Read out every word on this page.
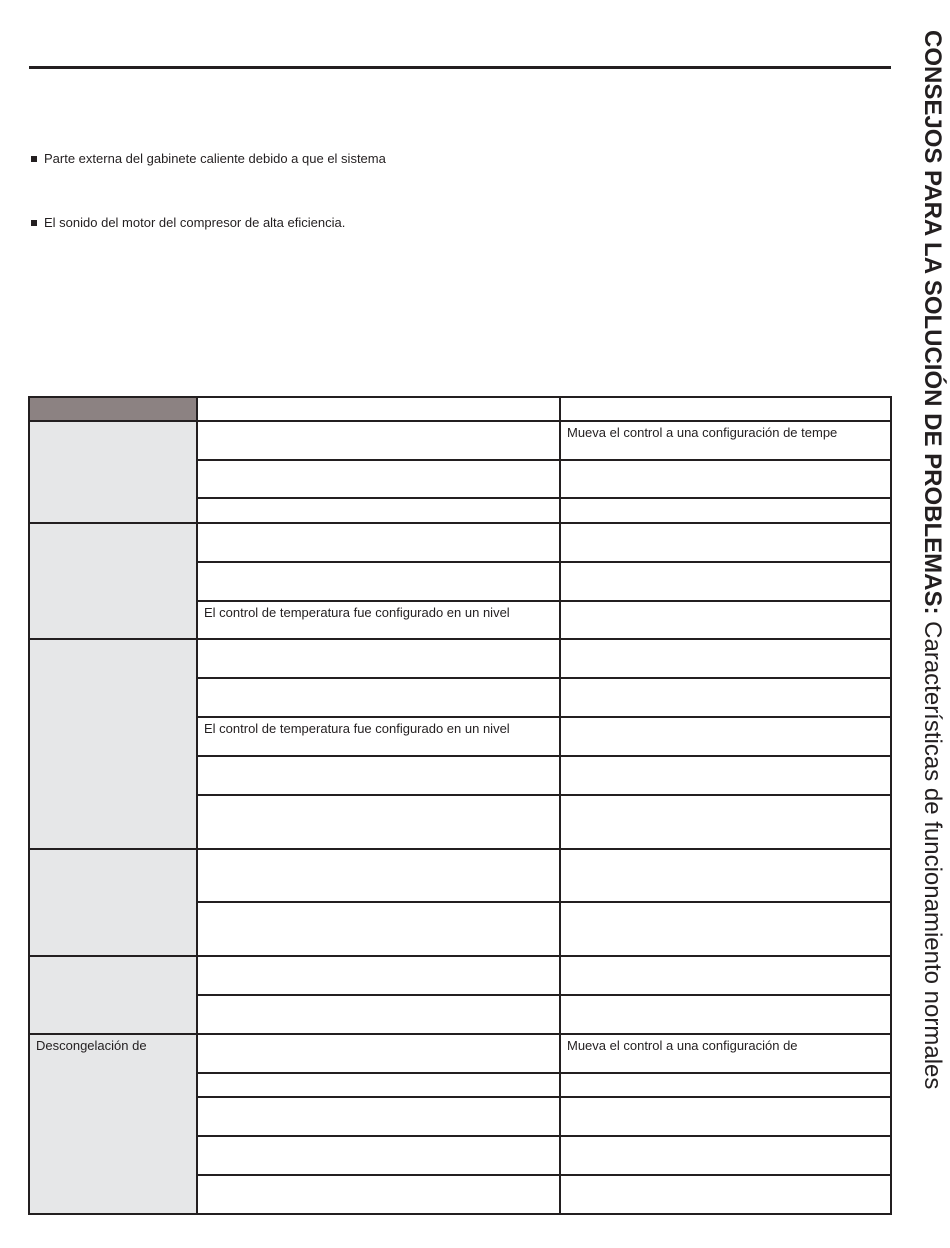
Parte externa del gabinete caliente debido a que el sistema
El sonido del motor del compresor de alta eficiencia.	CONSEJOS PARA LA SOLUCIÓN DE PROBLEMAS: Características de funcionamiento normales
Mueva el control a una configuración de tempe
El control de temperatura fue configurado en un nivel
El control de temperatura fue configurado en un nivel
Descongelación de	Mueva el control a una configuración de
